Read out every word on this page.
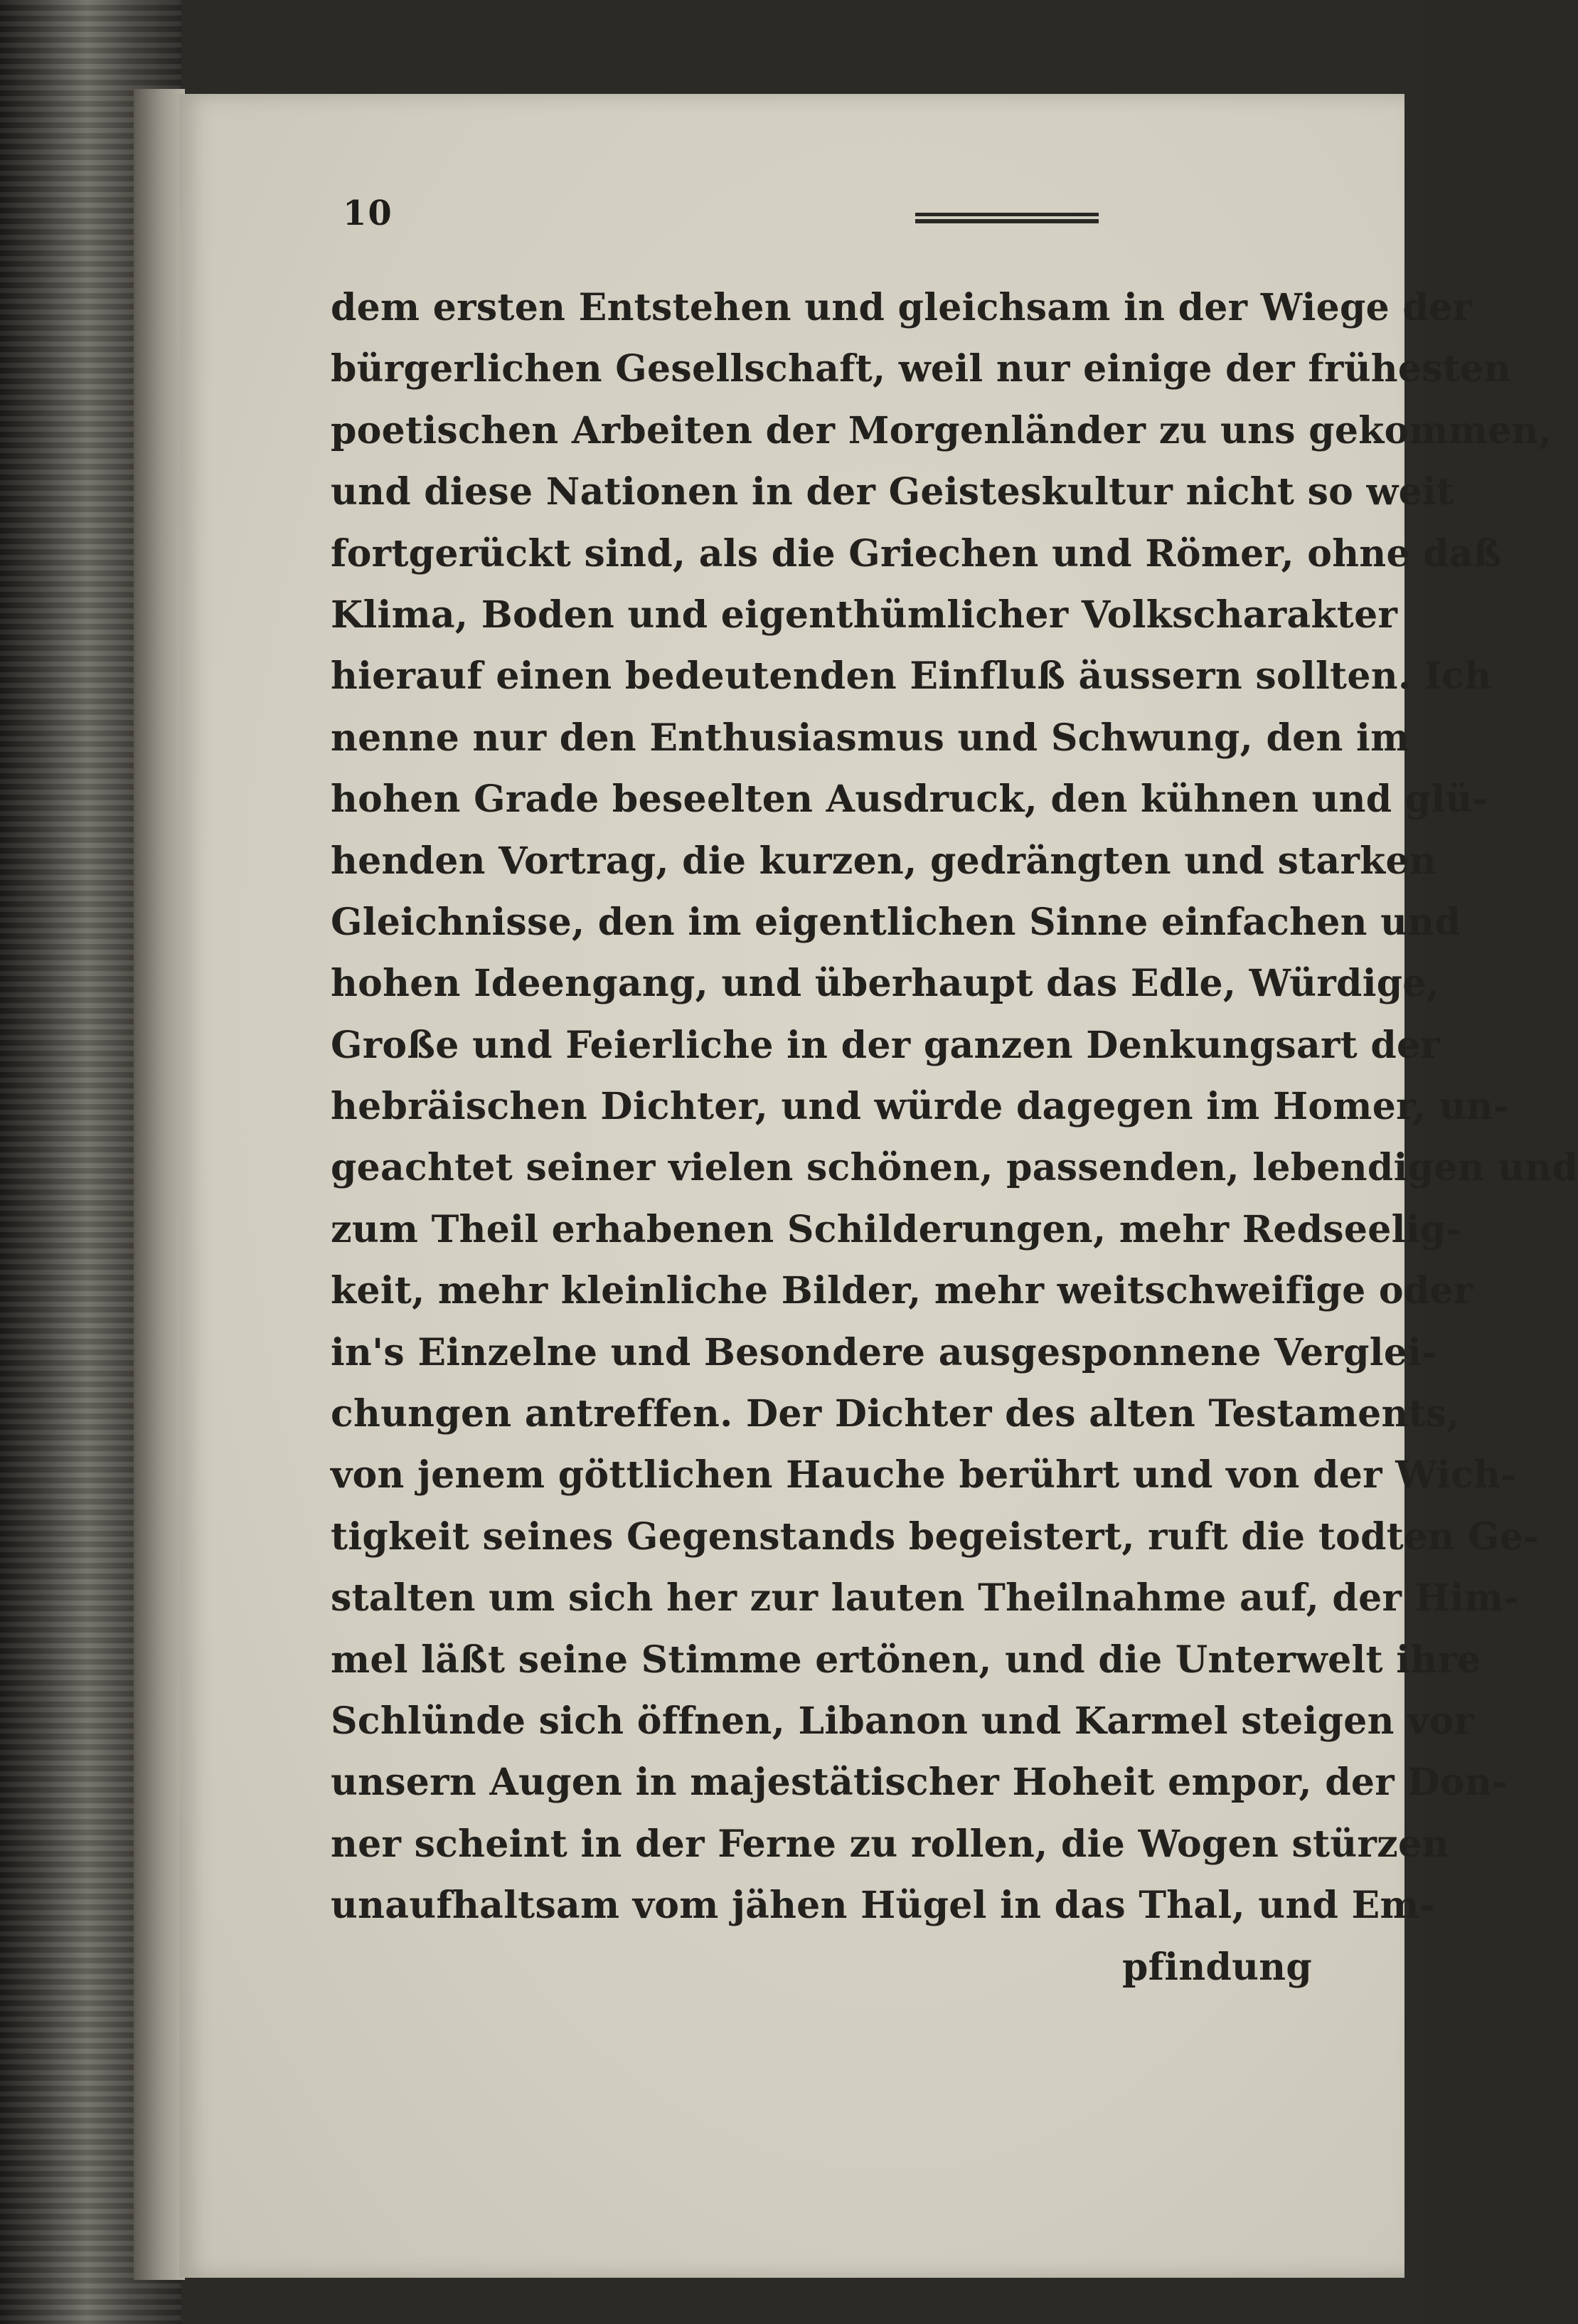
10
dem ersten Entstehen und gleichsam in der Wiege der
bürgerlichen Gesellschaft, weil nur einige der frühesten
poetischen Arbeiten der Morgenländer zu uns gekommen,
und diese Nationen in der Geisteskultur nicht so weit
fortgerückt sind, als die Griechen und Römer, ohne daß
Klima, Boden und eigenthümlicher Volkscharakter
hierauf einen bedeutenden Einfluß äussern sollten. Ich
nenne nur den Enthusiasmus und Schwung, den im
hohen Grade beseelten Ausdruck, den kühnen und glü-
henden Vortrag, die kurzen, gedrängten und starken
Gleichnisse, den im eigentlichen Sinne einfachen und
hohen Ideengang, und überhaupt das Edle, Würdige,
Große und Feierliche in der ganzen Denkungsart der
hebräischen Dichter, und würde dagegen im Homer, un-
geachtet seiner vielen schönen, passenden, lebendigen und
zum Theil erhabenen Schilderungen, mehr Redseelig-
keit, mehr kleinliche Bilder, mehr weitschweifige oder
in's Einzelne und Besondere ausgesponnene Verglei-
chungen antreffen. Der Dichter des alten Testaments,
von jenem göttlichen Hauche berührt und von der Wich-
tigkeit seines Gegenstands begeistert, ruft die todten Ge-
stalten um sich her zur lauten Theilnahme auf, der Him-
mel läßt seine Stimme ertönen, und die Unterwelt ihre
Schlünde sich öffnen, Libanon und Karmel steigen vor
unsern Augen in majestätischer Hoheit empor, der Don-
ner scheint in der Ferne zu rollen, die Wogen stürzen
unaufhaltsam vom jähen Hügel in das Thal, und Em-
pfindung
